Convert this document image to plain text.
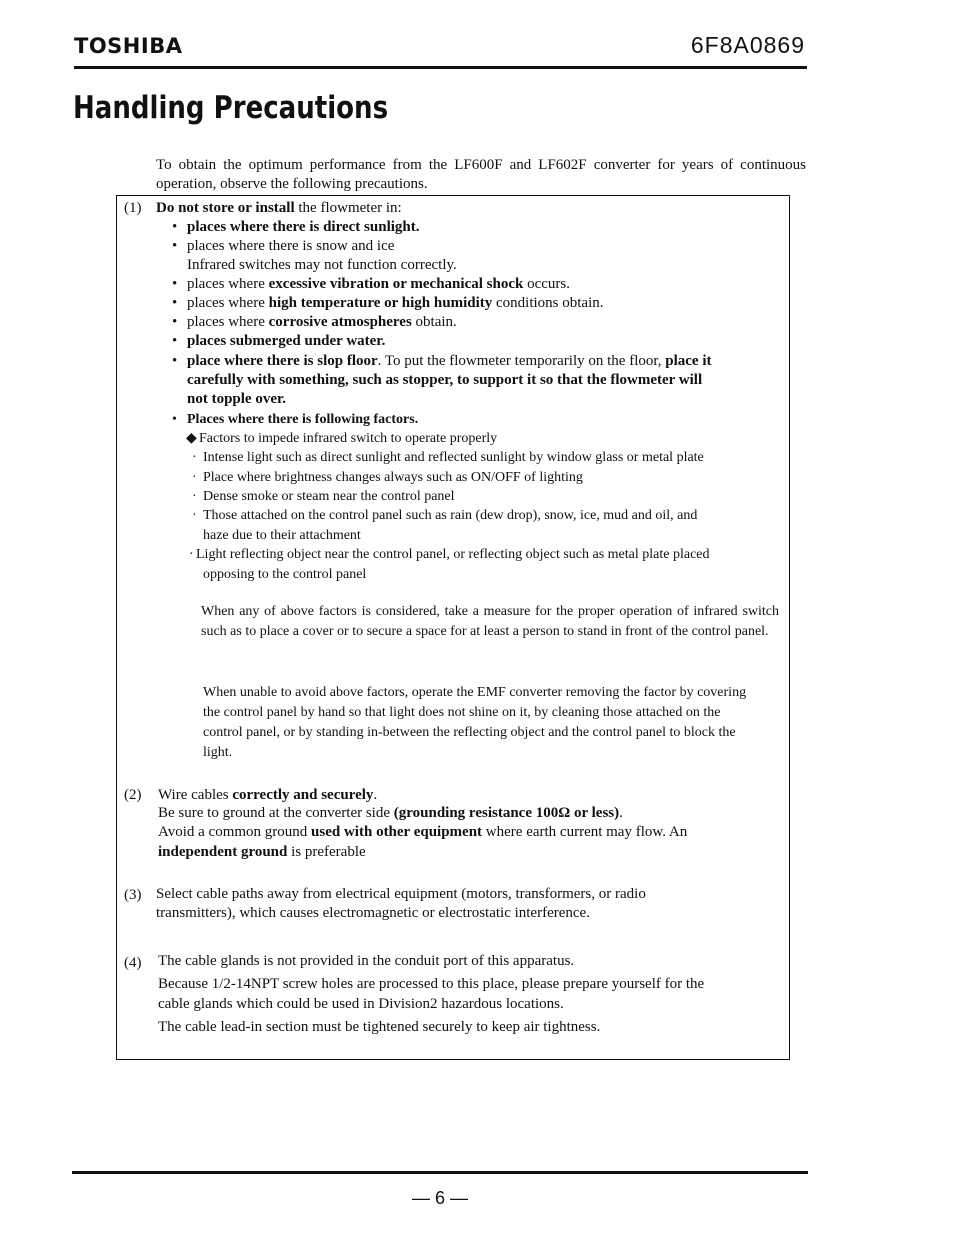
TOSHIBA	6F8A0869
Handling Precautions
To obtain the optimum performance from the LF600F and LF602F converter for years of continuous operation, observe the following precautions.
(1) Do not store or install the flowmeter in:
• places where there is direct sunlight.
• places where there is snow and ice
Infrared switches may not function correctly.
• places where excessive vibration or mechanical shock occurs.
• places where high temperature or high humidity conditions obtain.
• places where corrosive atmospheres obtain.
• places submerged under water.
• place where there is slop floor. To put the flowmeter temporarily on the floor, place it
carefully with something, such as stopper, to support it so that the flowmeter will
not topple over.
• Places where there is following factors.
◆ Factors to impede infrared switch to operate properly
· Intense light such as direct sunlight and reflected sunlight by window glass or metal plate
· Place where brightness changes always such as ON/OFF of lighting
· Dense smoke or steam near the control panel
· Those attached on the control panel such as rain (dew drop), snow, ice, mud and oil, and
haze due to their attachment
· Light reflecting object near the control panel, or reflecting object such as metal plate placed
opposing to the control panel
When any of above factors is considered, take a measure for the proper operation of infrared switch such as to place a cover or to secure a space for at least a person to stand in front of the control panel.
When unable to avoid above factors, operate the EMF converter removing the factor by covering the control panel by hand so that light does not shine on it, by cleaning those attached on the control panel, or by standing in-between the reflecting object and the control panel to block the light.
(2) Wire cables correctly and securely.
Be sure to ground at the converter side (grounding resistance 100Ω or less).
Avoid a common ground used with other equipment where earth current may flow. An
independent ground is preferable
(3) Select cable paths away from electrical equipment (motors, transformers, or radio
transmitters), which causes electromagnetic or electrostatic interference.
(4) The cable glands is not provided in the conduit port of this apparatus.
Because 1/2-14NPT screw holes are processed to this place, please prepare yourself for the
cable glands which could be used in Division2 hazardous locations.
The cable lead-in section must be tightened securely to keep air tightness.
— 6 —
